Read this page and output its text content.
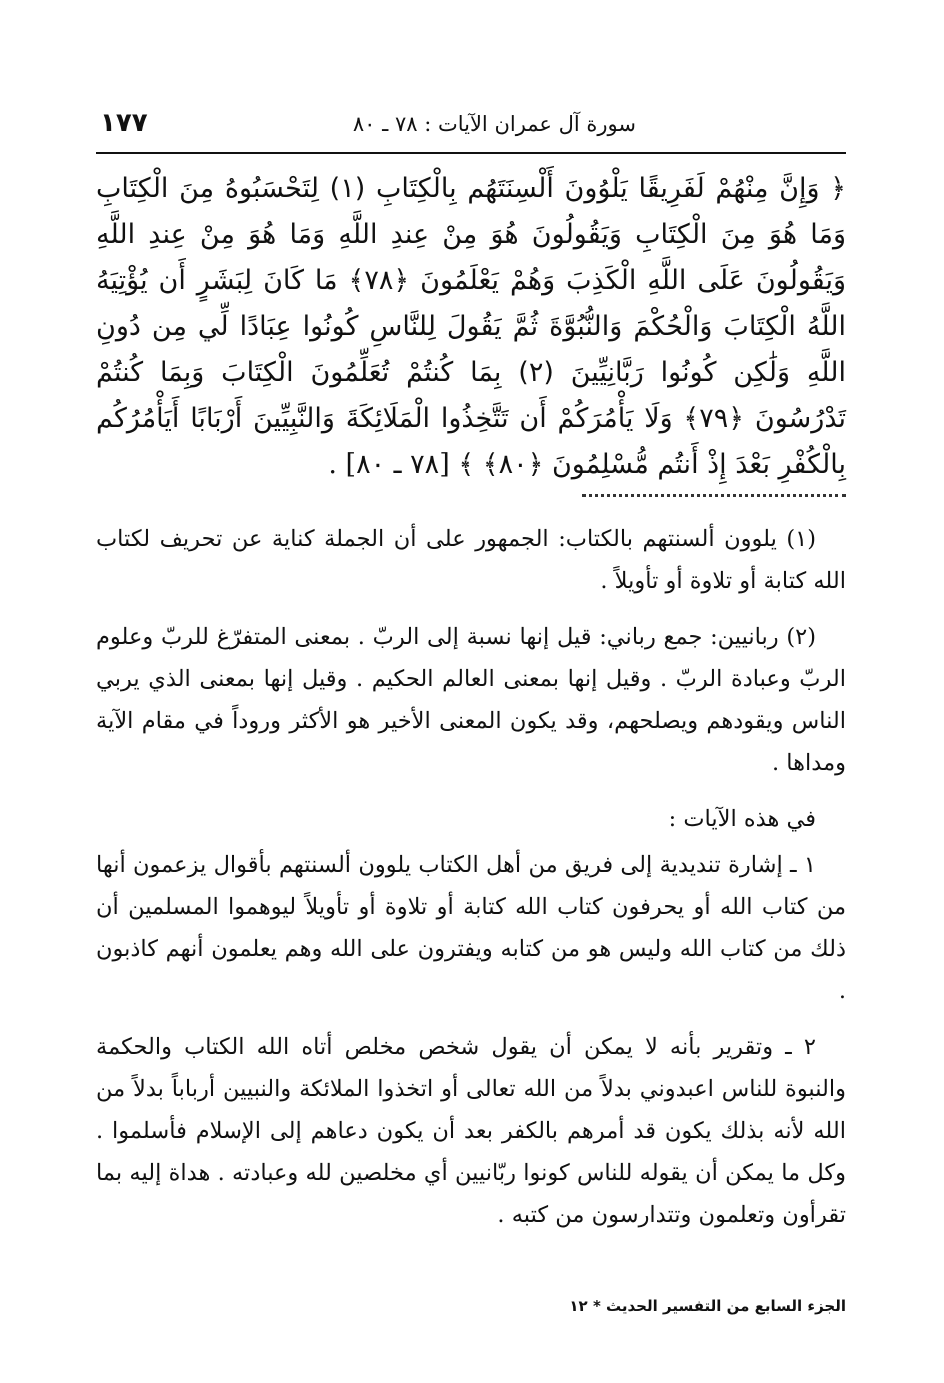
سورة آل عمران الآيات : ٧٨ ـ ٨٠
١٧٧
﴿ وَإِنَّ مِنْهُمْ لَفَرِيقًا يَلْوُونَ أَلْسِنَتَهُم بِالْكِتَابِ (١) لِتَحْسَبُوهُ مِنَ الْكِتَابِ وَمَا هُوَ مِنَ الْكِتَابِ وَيَقُولُونَ هُوَ مِنْ عِندِ اللَّهِ وَمَا هُوَ مِنْ عِندِ اللَّهِ وَيَقُولُونَ عَلَى اللَّهِ الْكَذِبَ وَهُمْ يَعْلَمُونَ ﴿٧٨﴾ مَا كَانَ لِبَشَرٍ أَن يُؤْتِيَهُ اللَّهُ الْكِتَابَ وَالْحُكْمَ وَالنُّبُوَّةَ ثُمَّ يَقُولَ لِلنَّاسِ كُونُوا عِبَادًا لِّي مِن دُونِ اللَّهِ وَلَٰكِن كُونُوا رَبَّانِيِّينَ (٢) بِمَا كُنتُمْ تُعَلِّمُونَ الْكِتَابَ وَبِمَا كُنتُمْ تَدْرُسُونَ ﴿٧٩﴾ وَلَا يَأْمُرَكُمْ أَن تَتَّخِذُوا الْمَلَائِكَةَ وَالنَّبِيِّينَ أَرْبَابًا أَيَأْمُرُكُم بِالْكُفْرِ بَعْدَ إِذْ أَنتُم مُّسْلِمُونَ ﴿٨٠﴾ ﴾ [٧٨ ـ ٨٠] .

(١) يلوون ألسنتهم بالكتاب: الجمهور على أن الجملة كناية عن تحريف لكتاب الله كتابة أو تلاوة أو تأويلاً .

(٢) ربانيين: جمع رباني: قيل إنها نسبة إلى الربّ . بمعنى المتفرّغ للربّ وعلوم الربّ وعبادة الربّ . وقيل إنها بمعنى العالم الحكيم . وقيل إنها بمعنى الذي يربي الناس ويقودهم ويصلحهم، وقد يكون المعنى الأخير هو الأكثر وروداً في مقام الآية ومداها .

في هذه الآيات :

١ ـ إشارة تنديدية إلى فريق من أهل الكتاب يلوون ألسنتهم بأقوال يزعمون أنها من كتاب الله أو يحرفون كتاب الله كتابة أو تلاوة أو تأويلاً ليوهموا المسلمين أن ذلك من كتاب الله وليس هو من كتابه ويفترون على الله وهم يعلمون أنهم كاذبون .

٢ ـ وتقرير بأنه لا يمكن أن يقول شخص مخلص أتاه الله الكتاب والحكمة والنبوة للناس اعبدوني بدلاً من الله تعالى أو اتخذوا الملائكة والنبيين أرباباً بدلاً من الله لأنه بذلك يكون قد أمرهم بالكفر بعد أن يكون دعاهم إلى الإسلام فأسلموا . وكل ما يمكن أن يقوله للناس كونوا ربّانيين أي مخلصين لله وعبادته . هداة إليه بما تقرأون وتعلمون وتتدارسون من كتبه .

الجزء السابع من التفسير الحديث * ١٢
